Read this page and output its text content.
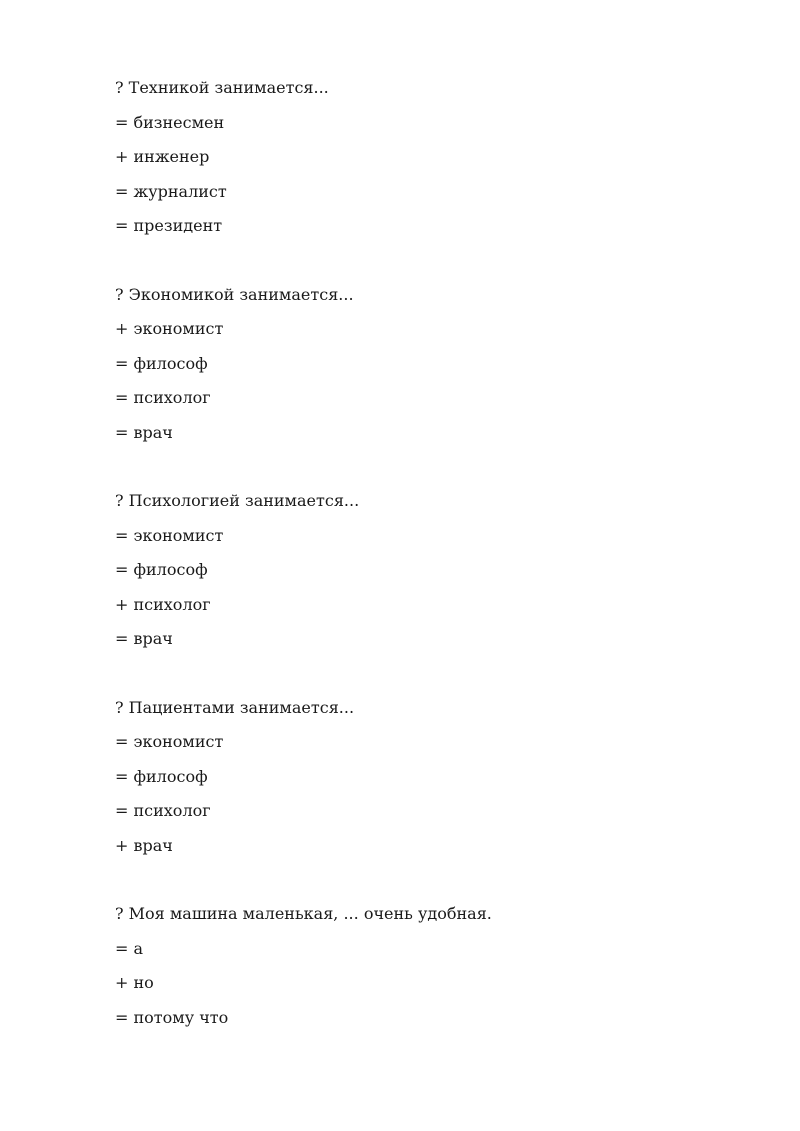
? Техникой занимается...
= бизнесмен
+ инженер
= журналист
= президент
? Экономикой занимается...
+ экономист
= философ
= психолог
= врач
? Психологией занимается...
= экономист
= философ
+ психолог
= врач
? Пациентами занимается...
= экономист
= философ
= психолог
+ врач
? Моя машина маленькая, ... очень удобная.
= а
+ но
= потому что
